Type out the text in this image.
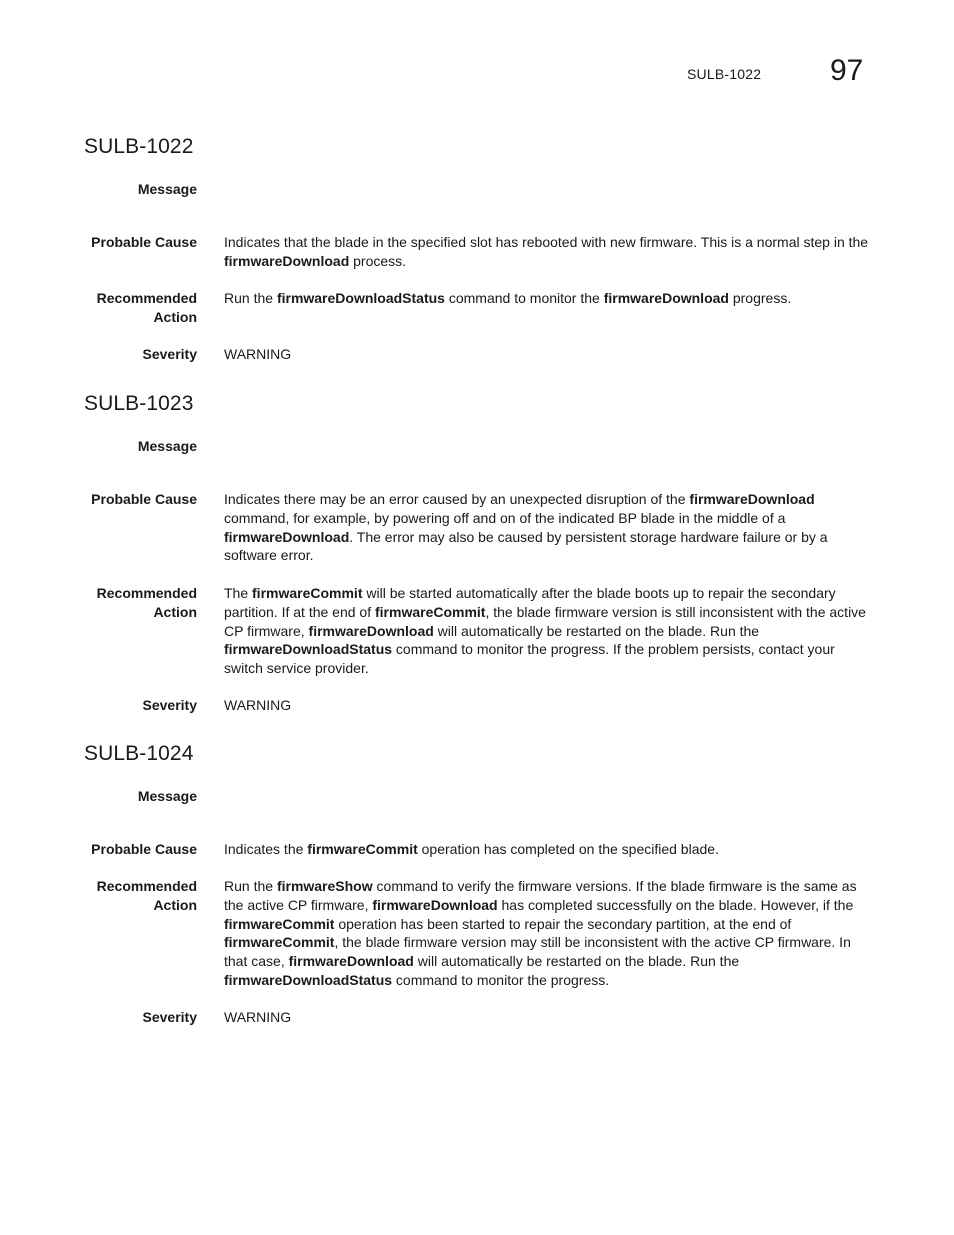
SULB-1022 97
SULB-1022
Message
Probable Cause Indicates that the blade in the specified slot has rebooted with new firmware. This is a normal step in the firmwareDownload process.
Recommended
Action
Run the firmwareDownloadStatus command to monitor the firmwareDownload progress.
Severity WARNING
SULB-1023
Message
Probable Cause Indicates there may be an error caused by an unexpected disruption of the firmwareDownload command, for example, by powering off and on of the indicated BP blade in the middle of a firmwareDownload. The error may also be caused by persistent storage hardware failure or by a software error.
Recommended
Action
The firmwareCommit will be started automatically after the blade boots up to repair the secondary partition. If at the end of firmwareCommit, the blade firmware version is still inconsistent with the active CP firmware, firmwareDownload will automatically be restarted on the blade. Run the firmwareDownloadStatus command to monitor the progress. If the problem persists, contact your switch service provider.
Severity WARNING
SULB-1024
Message
Probable Cause Indicates the firmwareCommit operation has completed on the specified blade.
Recommended
Action
Run the firmwareShow command to verify the firmware versions. If the blade firmware is the same as the active CP firmware, firmwareDownload has completed successfully on the blade. However, if the firmwareCommit operation has been started to repair the secondary partition, at the end of firmwareCommit, the blade firmware version may still be inconsistent with the active CP firmware. In that case, firmwareDownload will automatically be restarted on the blade. Run the firmwareDownloadStatus command to monitor the progress.
Severity WARNING
